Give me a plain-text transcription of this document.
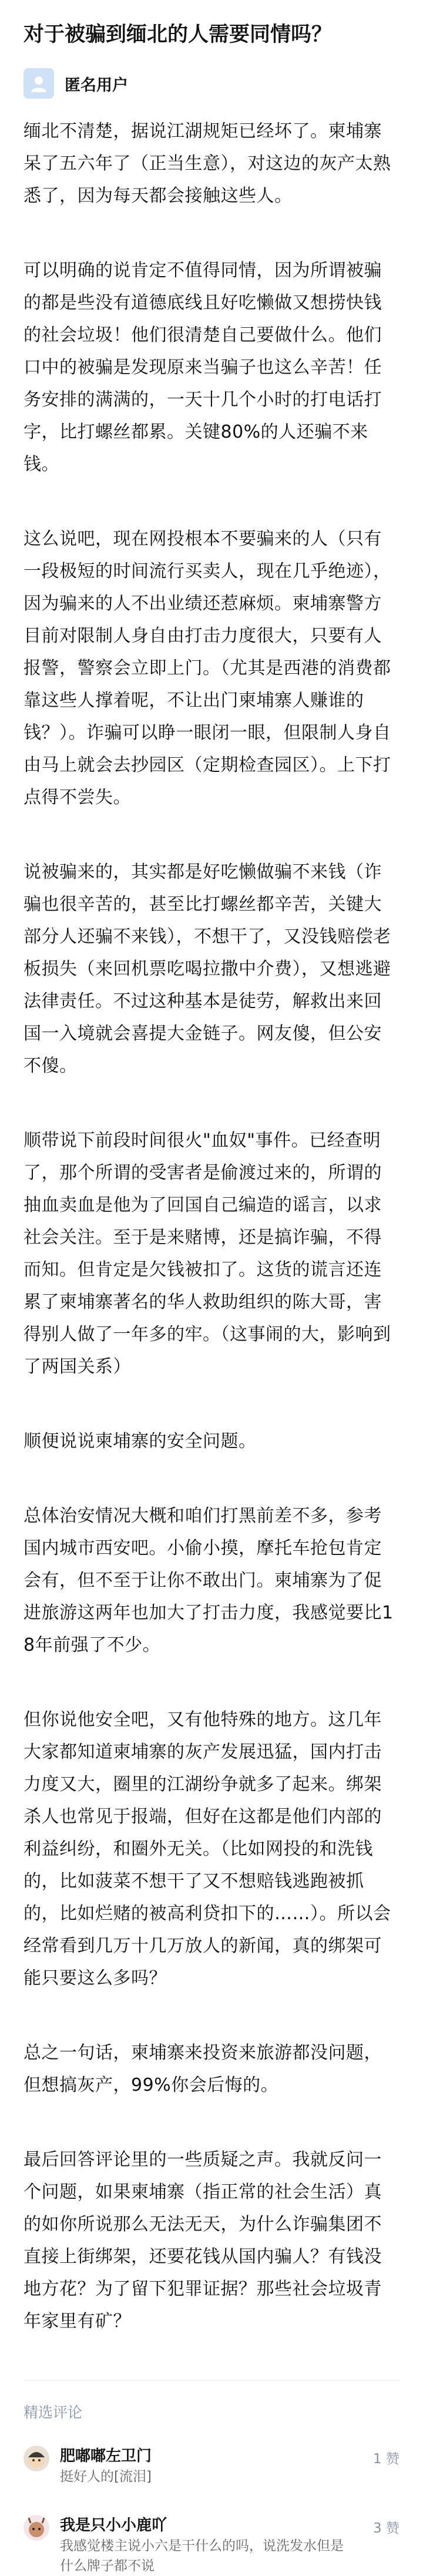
对于被骗到缅北的人需要同情吗？
匿名用户

缅北不清楚，据说江湖规矩已经坏了。柬埔寨呆了五六年了（正当生意），对这边的灰产太熟悉了，因为每天都会接触这些人。

可以明确的说肯定不值得同情，因为所谓被骗的都是些没有道德底线且好吃懒做又想捞快钱的社会垃圾！他们很清楚自己要做什么。他们口中的被骗是发现原来当骗子也这么辛苦！任务安排的满满的，一天十几个小时的打电话打字，比打螺丝都累。关键80%的人还骗不来钱。

这么说吧，现在网投根本不要骗来的人（只有一段极短的时间流行买卖人，现在几乎绝迹），因为骗来的人不出业绩还惹麻烦。柬埔寨警方目前对限制人身自由打击力度很大，只要有人报警，警察会立即上门。（尤其是西港的消费都靠这些人撑着呢，不让出门柬埔寨人赚谁的钱？）。诈骗可以睁一眼闭一眼，但限制人身自由马上就会去抄园区（定期检查园区）。上下打点得不尝失。

说被骗来的，其实都是好吃懒做骗不来钱（诈骗也很辛苦的，甚至比打螺丝都辛苦，关键大部分人还骗不来钱），不想干了，又没钱赔偿老板损失（来回机票吃喝拉撒中介费），又想逃避法律责任。不过这种基本是徒劳，解救出来回国一入境就会喜提大金链子。网友傻，但公安不傻。

顺带说下前段时间很火"血奴"事件。已经查明了，那个所谓的受害者是偷渡过来的，所谓的抽血卖血是他为了回国自己编造的谣言，以求社会关注。至于是来赌博，还是搞诈骗，不得而知。但肯定是欠钱被扣了。这货的谎言还连累了柬埔寨著名的华人救助组织的陈大哥，害得别人做了一年多的牢。（这事闹的大，影响到了两国关系）

顺便说说柬埔寨的安全问题。

总体治安情况大概和咱们打黑前差不多，参考国内城市西安吧。小偷小摸，摩托车抢包肯定会有，但不至于让你不敢出门。柬埔寨为了促进旅游这两年也加大了打击力度，我感觉要比18年前强了不少。

但你说他安全吧，又有他特殊的地方。这几年大家都知道柬埔寨的灰产发展迅猛，国内打击力度又大，圈里的江湖纷争就多了起来。绑架杀人也常见于报端，但好在这都是他们内部的利益纠纷，和圈外无关。（比如网投的和洗钱的，比如菠菜不想干了又不想赔钱逃跑被抓的，比如烂赌的被高利贷扣下的……）。所以会经常看到几万十几万放人的新闻，真的绑架可能只要这么多吗？

总之一句话，柬埔寨来投资来旅游都没问题，但想搞灰产，99%你会后悔的。

最后回答评论里的一些质疑之声。我就反问一个问题，如果柬埔寨（指正常的社会生活）真的如你所说那么无法无天，为什么诈骗集团不直接上街绑架，还要花钱从国内骗人？有钱没地方花？为了留下犯罪证据？那些社会垃圾青年家里有矿？

精选评论
肥嘟嘟左卫门
挺好人的[流泪]
1 赞
我是只小小鹿吖
我感觉楼主说小六是干什么的吗，说洗发水但是什么牌子都不说
3 赞
